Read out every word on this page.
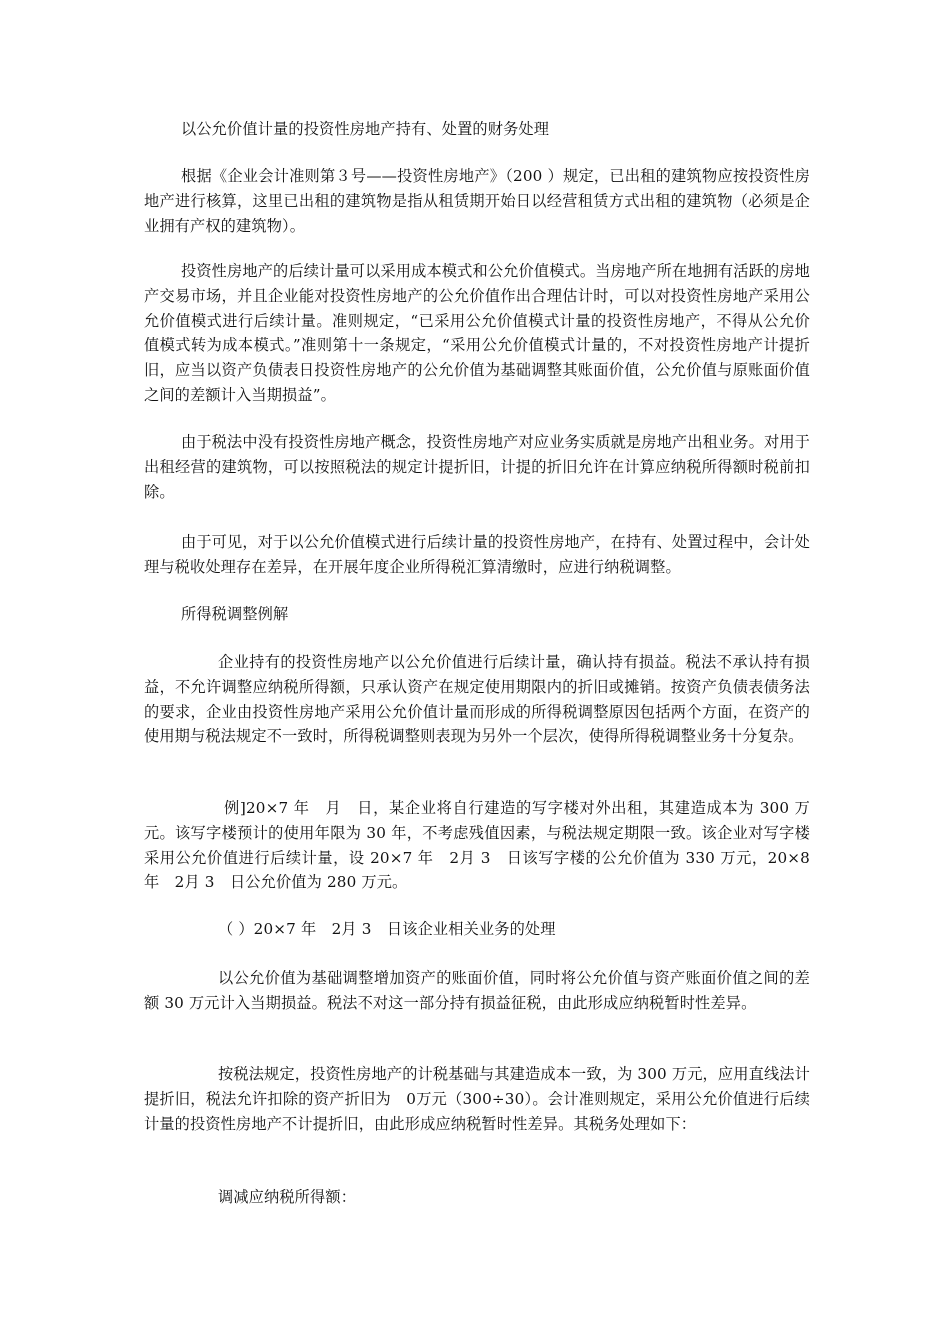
以公允价值计量的投资性房地产持有、处置的财务处理

根据《企业会计准则第３号——投资性房地产》（200 ）规定，已出租的建筑物应按投资性房地产进行核算，这里已出租的建筑物是指从租赁期开始日以经营租赁方式出租的建筑物（必须是企业拥有产权的建筑物）。

投资性房地产的后续计量可以采用成本模式和公允价值模式。当房地产所在地拥有活跃的房地产交易市场，并且企业能对投资性房地产的公允价值作出合理估计时，可以对投资性房地产采用公允价值模式进行后续计量。准则规定，“已采用公允价值模式计量的投资性房地产，不得从公允价值模式转为成本模式。”准则第十一条规定，“采用公允价值模式计量的，不对投资性房地产计提折旧，应当以资产负债表日投资性房地产的公允价值为基础调整其账面价值，公允价值与原账面价值之间的差额计入当期损益”。

由于税法中没有投资性房地产概念，投资性房地产对应业务实质就是房地产出租业务。对用于出租经营的建筑物，可以按照税法的规定计提折旧，计提的折旧允许在计算应纳税所得额时税前扣除。

由于可见，对于以公允价值模式进行后续计量的投资性房地产，在持有、处置过程中，会计处理与税收处理存在差异，在开展年度企业所得税汇算清缴时，应进行纳税调整。

所得税调整例解

企业持有的投资性房地产以公允价值进行后续计量，确认持有损益。税法不承认持有损益，不允许调整应纳税所得额，只承认资产在规定使用期限内的折旧或摊销。按资产负债表债务法的要求，企业由投资性房地产采用公允价值计量而形成的所得税调整原因包括两个方面，在资产的使用期与税法规定不一致时，所得税调整则表现为另外一个层次，使得所得税调整业务十分复杂。

例]20×7 年　月　日，某企业将自行建造的写字楼对外出租，其建造成本为 300 万元。该写字楼预计的使用年限为 30 年，不考虑残值因素，与税法规定期限一致。该企业对写字楼采用公允价值进行后续计量，设 20×7 年　2月 3　日该写字楼的公允价值为 330 万元，20×8 年　2月 3　日公允价值为 280 万元。

（ ）20×7 年　2月 3　日该企业相关业务的处理

以公允价值为基础调整增加资产的账面价值，同时将公允价值与资产账面价值之间的差额 30 万元计入当期损益。税法不对这一部分持有损益征税，由此形成应纳税暂时性差异。

按税法规定，投资性房地产的计税基础与其建造成本一致，为 300 万元，应用直线法计提折旧，税法允许扣除的资产折旧为　0万元（300÷30）。会计准则规定，采用公允价值进行后续计量的投资性房地产不计提折旧，由此形成应纳税暂时性差异。其税务处理如下：

调减应纳税所得额：
